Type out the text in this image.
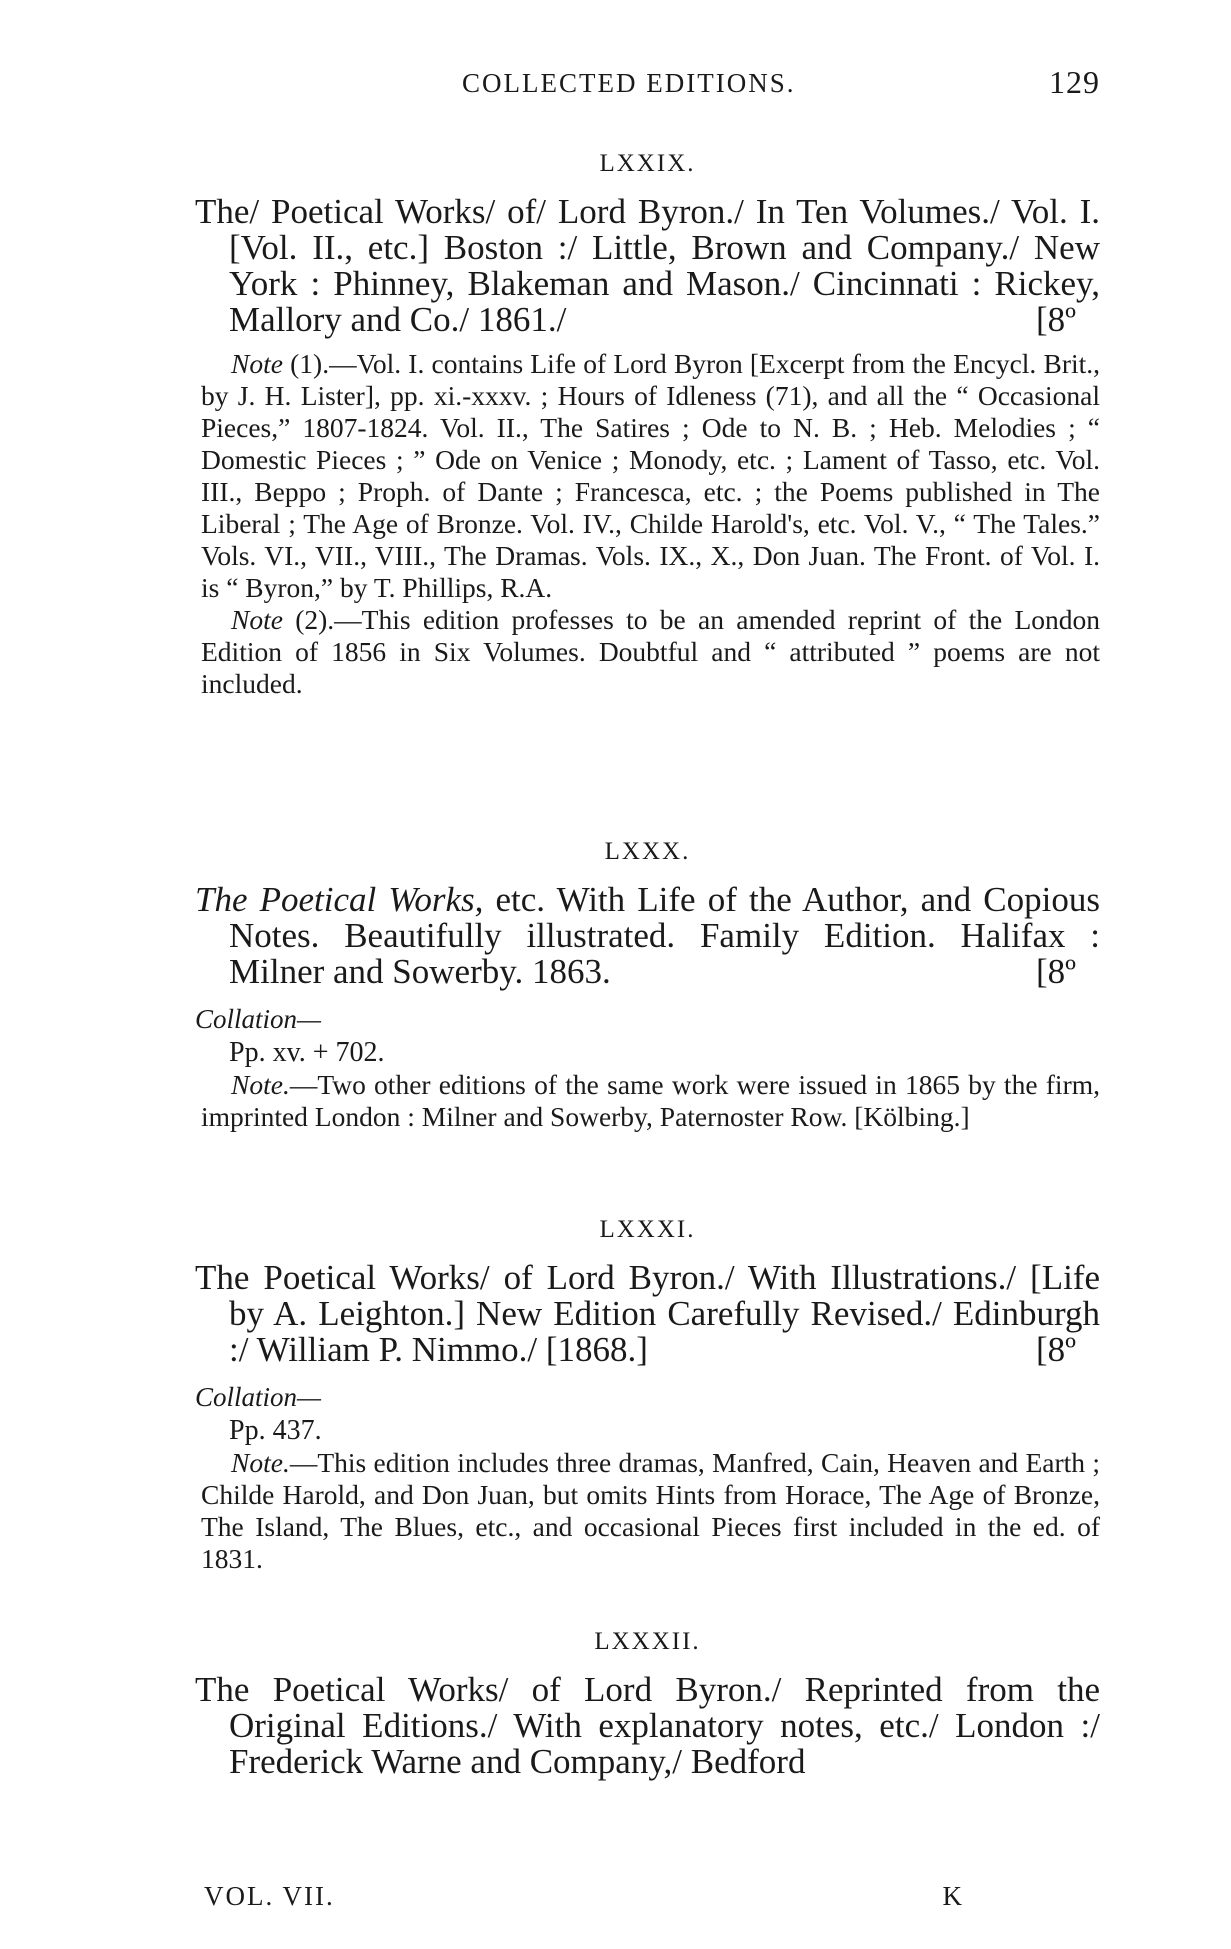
COLLECTED EDITIONS.	129
LXXIX.

The/ Poetical Works/ of/ Lord Byron./ In Ten Volumes./ Vol. I. [Vol. II., etc.] Boston :/ Little, Brown and Company./ New York : Phinney, Blakeman and Mason./ Cincinnati : Rickey, Mallory and Co./ 1861./	[8º

Note (1).—Vol. I. contains Life of Lord Byron [Excerpt from the Encycl. Brit., by J. H. Lister], pp. xi.-xxxv. ; Hours of Idleness (71), and all the “ Occasional Pieces,” 1807-1824. Vol. II., The Satires ; Ode to N. B. ; Heb. Melodies ; “ Domestic Pieces ; ” Ode on Venice ; Monody, etc. ; Lament of Tasso, etc. Vol. III., Beppo ; Proph. of Dante ; Francesca, etc. ; the Poems published in The Liberal ; The Age of Bronze. Vol. IV., Childe Harold's, etc. Vol. V., “ The Tales.” Vols. VI., VII., VIII., The Dramas. Vols. IX., X., Don Juan. The Front. of Vol. I. is “ Byron,” by T. Phillips, R.A.

Note (2).—This edition professes to be an amended reprint of the London Edition of 1856 in Six Volumes. Doubtful and “ attributed ” poems are not included.

LXXX.

The Poetical Works, etc. With Life of the Author, and Copious Notes. Beautifully illustrated. Family Edition. Halifax : Milner and Sowerby. 1863.	[8º

Collation—
Pp. xv. + 702.

Note.—Two other editions of the same work were issued in 1865 by the firm, imprinted London : Milner and Sowerby, Paternoster Row. [Kölbing.]

LXXXI.

The Poetical Works/ of Lord Byron./ With Illustrations./ [Life by A. Leighton.] New Edition Carefully Revised./ Edinburgh :/ William P. Nimmo./ [1868.]	[8º

Collation—
Pp. 437.

Note.—This edition includes three dramas, Manfred, Cain, Heaven and Earth ; Childe Harold, and Don Juan, but omits Hints from Horace, The Age of Bronze, The Island, The Blues, etc., and occasional Pieces first included in the ed. of 1831.

LXXXII.

The Poetical Works/ of Lord Byron./ Reprinted from the Original Editions./ With explanatory notes, etc./ London :/ Frederick Warne and Company,/ Bedford

VOL. VII.	K
